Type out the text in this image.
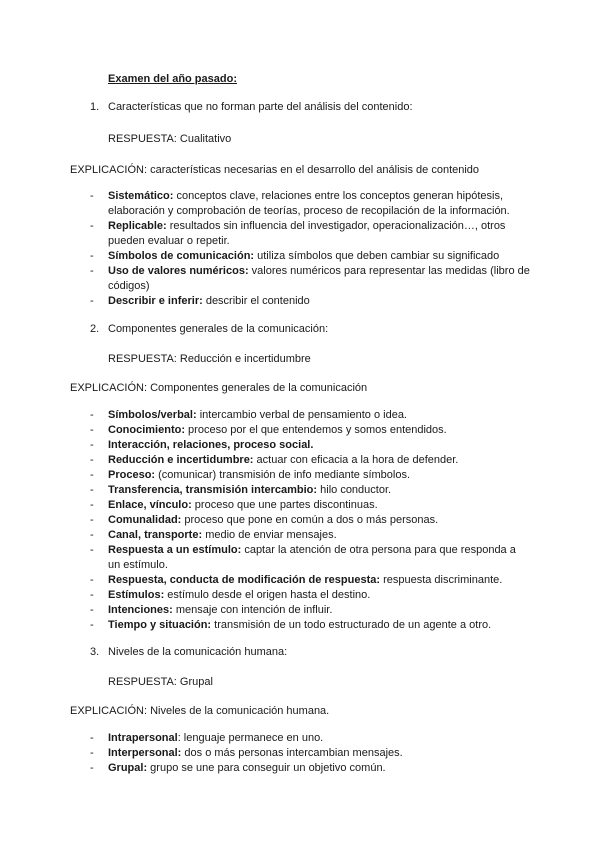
Examen del año pasado:
1. Características que no forman parte del análisis del contenido:
RESPUESTA: Cualitativo
EXPLICACIÓN: características necesarias en el desarrollo del análisis de contenido
- Sistemático: conceptos clave, relaciones entre los conceptos generan hipótesis, elaboración y comprobación de teorías, proceso de recopilación de la información.
- Replicable: resultados sin influencia del investigador, operacionalización…, otros pueden evaluar o repetir.
- Símbolos de comunicación: utiliza símbolos que deben cambiar su significado
- Uso de valores numéricos: valores numéricos para representar las medidas (libro de códigos)
- Describir e inferir: describir el contenido
2. Componentes generales de la comunicación:
RESPUESTA: Reducción e incertidumbre
EXPLICACIÓN: Componentes generales de la comunicación
- Símbolos/verbal: intercambio verbal de pensamiento o idea.
- Conocimiento: proceso por el que entendemos y somos entendidos.
- Interacción, relaciones, proceso social.
- Reducción e incertidumbre: actuar con eficacia a la hora de defender.
- Proceso: (comunicar) transmisión de info mediante símbolos.
- Transferencia, transmisión intercambio: hilo conductor.
- Enlace, vínculo: proceso que une partes discontinuas.
- Comunalidad: proceso que pone en común a dos o más personas.
- Canal, transporte: medio de enviar mensajes.
- Respuesta a un estímulo: captar la atención de otra persona para que responda a un estímulo.
- Respuesta, conducta de modificación de respuesta: respuesta discriminante.
- Estímulos: estímulo desde el origen hasta el destino.
- Intenciones: mensaje con intención de influir.
- Tiempo y situación: transmisión de un todo estructurado de un agente a otro.
3. Niveles de la comunicación humana:
RESPUESTA: Grupal
EXPLICACIÓN: Niveles de la comunicación humana.
- Intrapersonal: lenguaje permanece en uno.
- Interpersonal: dos o más personas intercambian mensajes.
- Grupal: grupo se une para conseguir un objetivo común.
